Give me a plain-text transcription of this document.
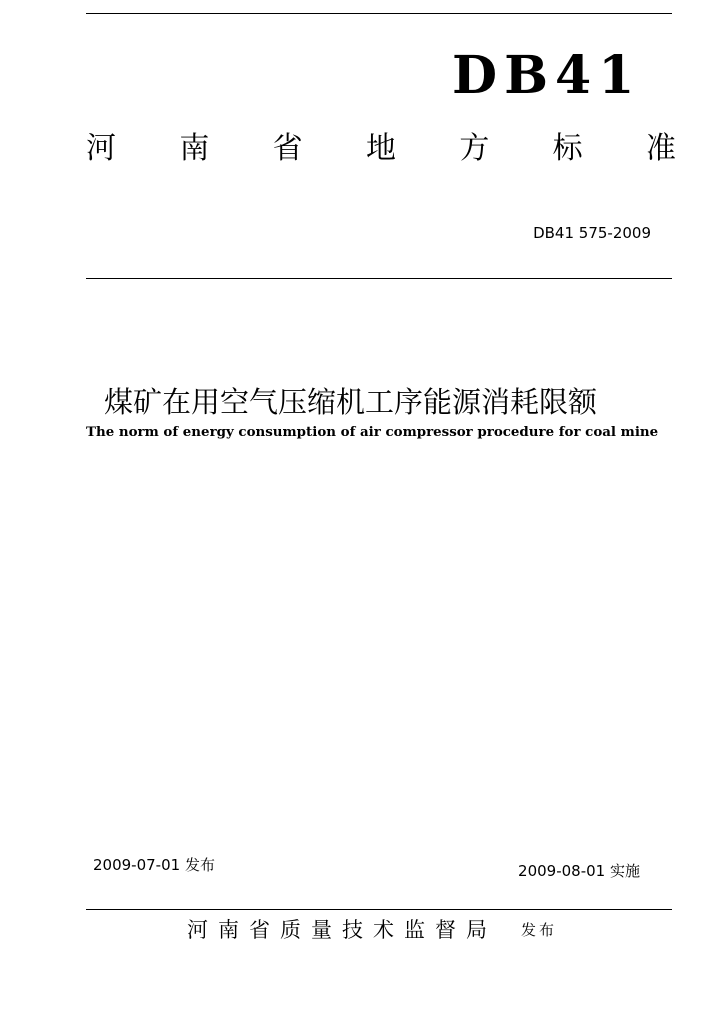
DB41
河 南 省 地 方 标 准
DB41 575-2009
煤矿在用空气压缩机工序能源消耗限额
The norm of energy consumption of air compressor procedure for coal mine
2009-07-01 发布	2009-08-01 实施
河南省质量技术监督局 发布
